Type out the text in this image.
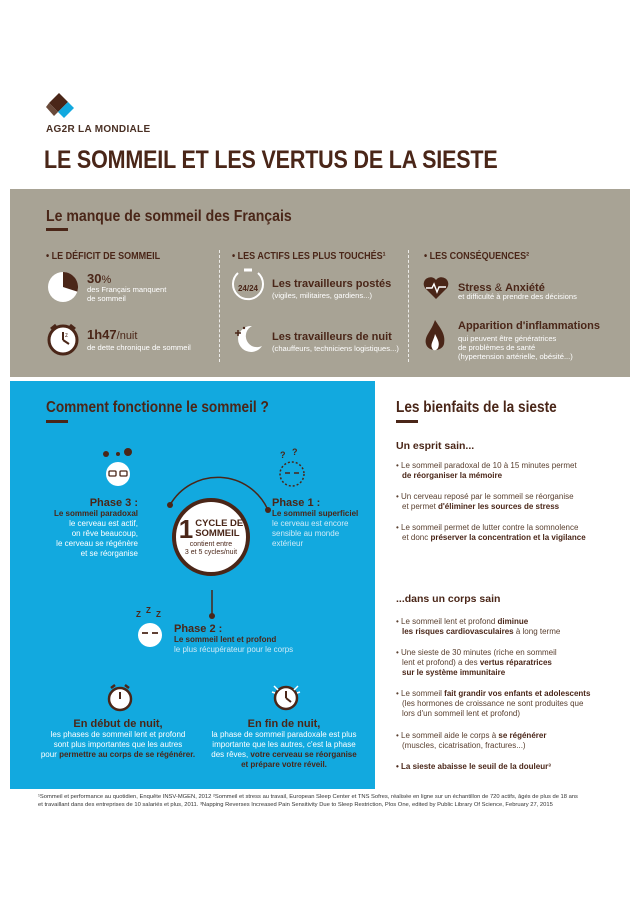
AG2R LA MONDIALE
LE SOMMEIL ET LES VERTUS DE LA SIESTE
Le manque de sommeil des Français
• LE DÉFICIT DE SOMMEIL	• LES ACTIFS LES PLUS TOUCHÉS¹	• LES CONSÉQUENCES²
30%
des Français manquent
de sommeil
z 1h47/nuit
de dette chronique de sommeil
24/24 Les travailleurs postés
(vigiles, militaires, gardiens...)
Les travailleurs de nuit
(chauffeurs, techniciens logistiques...)
Stress & Anxiété
et difficulté à prendre des décisions
Apparition d'inflammations
qui peuvent être génératrices
de problèmes de santé
(hypertension artérielle, obésité...)
Comment fonctionne le sommeil ?
1 CYCLE DE
SOMMEIL
contient entre
3 et 5 cycles/nuit
? ?
Z Z Z
Phase 3 :
Le sommeil paradoxal
le cerveau est actif,
on rêve beaucoup,
le cerveau se régénère
et se réorganise
Phase 1 :
Le sommeil superficiel
le cerveau est encore
sensible au monde
extérieur
Phase 2 :
Le sommeil lent et profond
le plus récupérateur pour le corps
En début de nuit,
les phases de sommeil lent et profond
sont plus importantes que les autres
pour permettre au corps de se régénérer.
En fin de nuit,
la phase de sommeil paradoxale est plus
importante que les autres, c'est la phase
des rêves, votre cerveau se réorganise
et prépare votre réveil.
Les bienfaits de la sieste
Un esprit sain...
• Le sommeil paradoxal de 10 à 15 minutes permet
de réorganiser la mémoire
• Un cerveau reposé par le sommeil se réorganise
et permet d'éliminer les sources de stress
• Le sommeil permet de lutter contre la somnolence
et donc préserver la concentration et la vigilance
...dans un corps sain
• Le sommeil lent et profond diminue
les risques cardiovasculaires à long terme
• Une sieste de 30 minutes (riche en sommeil
lent et profond) a des vertus réparatrices
sur le système immunitaire
• Le sommeil fait grandir vos enfants et adolescents
(les hormones de croissance ne sont produites que
lors d'un sommeil lent et profond)
• Le sommeil aide le corps à se régénérer
(muscles, cicatrisation, fractures...)
• La sieste abaisse le seuil de la douleur³
¹Sommeil et performance au quotidien, Enquête INSV-MGEN, 2012 ²Sommeil et stress au travail, European Sleep Center et TNS Sofres, réalisée en ligne sur un échantillon de 720 actifs, âgés de plus de 18 ans
et travaillant dans des entreprises de 10 salariés et plus, 2011. ³Napping Reverses Increased Pain Sensitivity Due to Sleep Restriction, Plos One, edited by Public Library Of Science, February 27, 2015
